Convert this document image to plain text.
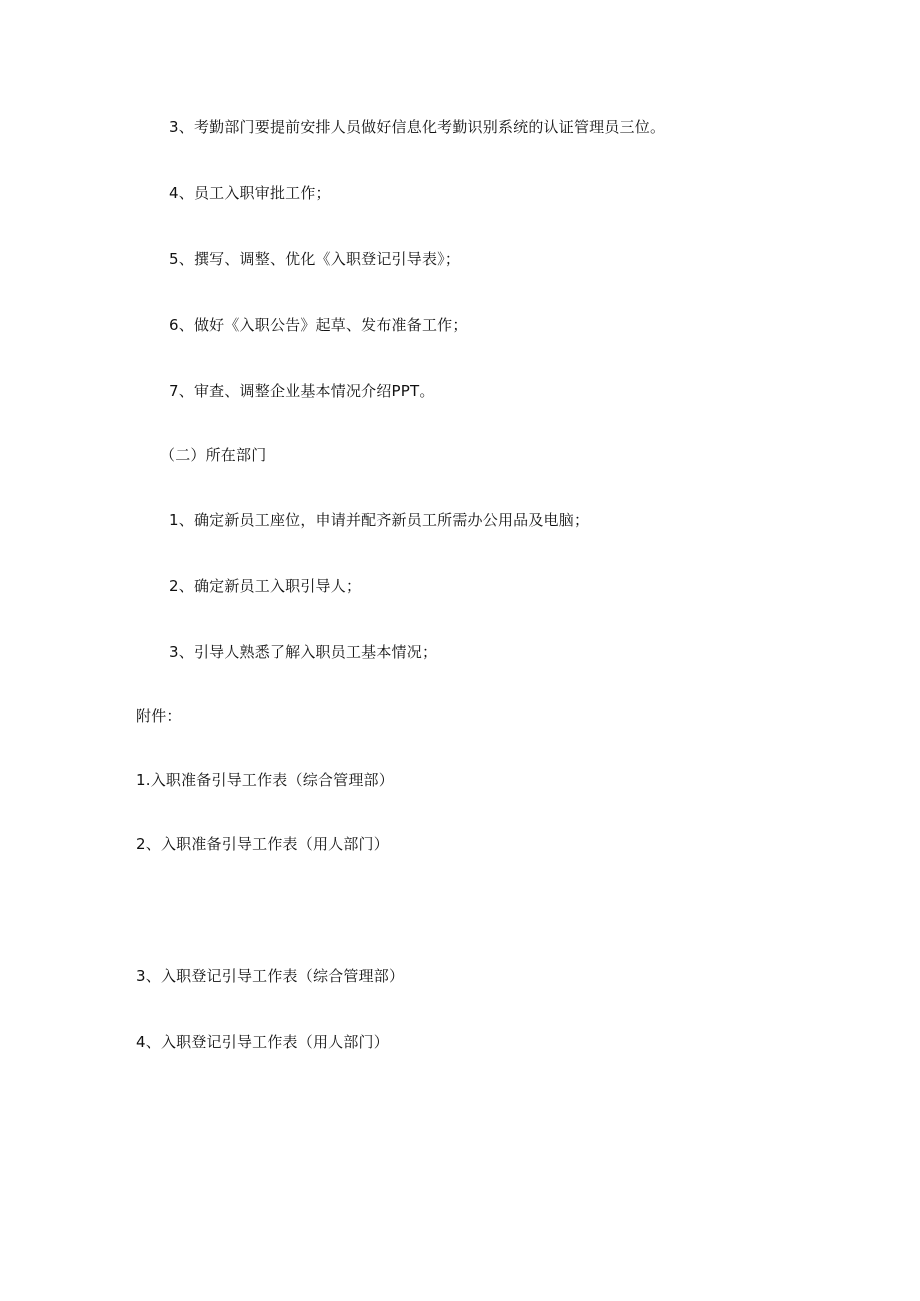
3、考勤部门要提前安排人员做好信息化考勤识别系统的认证管理员三位。
4、员工入职审批工作；
5、撰写、调整、优化《入职登记引导表》；
6、做好《入职公告》起草、发布准备工作；
7、审查、调整企业基本情况介绍PPT。
（二）所在部门
1、确定新员工座位，申请并配齐新员工所需办公用品及电脑；
2、确定新员工入职引导人；
3、引导人熟悉了解入职员工基本情况；
附件：
1.入职准备引导工作表（综合管理部）
2、入职准备引导工作表（用人部门）
3、入职登记引导工作表（综合管理部）
4、入职登记引导工作表（用人部门）
